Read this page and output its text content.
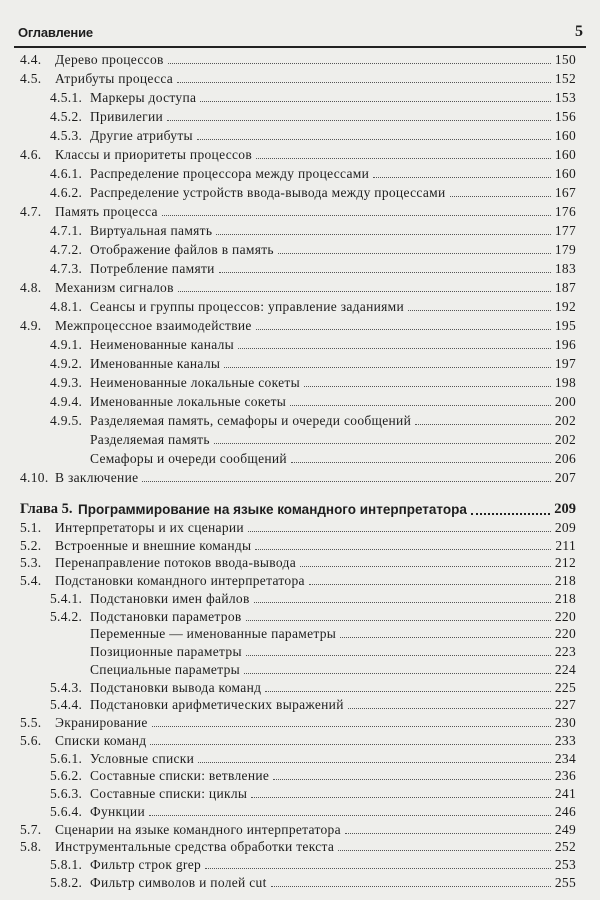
Оглавление	5
4.4. Дерево процессов	150
4.5. Атрибуты процесса	152
4.5.1. Маркеры доступа	153
4.5.2. Привилегии	156
4.5.3. Другие атрибуты	160
4.6. Классы и приоритеты процессов	160
4.6.1. Распределение процессора между процессами	160
4.6.2. Распределение устройств ввода-вывода между процессами	167
4.7. Память процесса	176
4.7.1. Виртуальная память	177
4.7.2. Отображение файлов в память	179
4.7.3. Потребление памяти	183
4.8. Механизм сигналов	187
4.8.1. Сеансы и группы процессов: управление заданиями	192
4.9. Межпроцессное взаимодействие	195
4.9.1. Неименованные каналы	196
4.9.2. Именованные каналы	197
4.9.3. Неименованные локальные сокеты	198
4.9.4. Именованные локальные сокеты	200
4.9.5. Разделяемая память, семафоры и очереди сообщений	202
Разделяемая память	202
Семафоры и очереди сообщений	206
4.10. В заключение	207
Глава 5. Программирование на языке командного интерпретатора	209
5.1. Интерпретаторы и их сценарии	209
5.2. Встроенные и внешние команды	211
5.3. Перенаправление потоков ввода-вывода	212
5.4. Подстановки командного интерпретатора	218
5.4.1. Подстановки имен файлов	218
5.4.2. Подстановки параметров	220
Переменные — именованные параметры	220
Позиционные параметры	223
Специальные параметры	224
5.4.3. Подстановки вывода команд	225
5.4.4. Подстановки арифметических выражений	227
5.5. Экранирование	230
5.6. Списки команд	233
5.6.1. Условные списки	234
5.6.2. Составные списки: ветвление	236
5.6.3. Составные списки: циклы	241
5.6.4. Функции	246
5.7. Сценарии на языке командного интерпретатора	249
5.8. Инструментальные средства обработки текста	252
5.8.1. Фильтр строк grep	253
5.8.2. Фильтр символов и полей cut	255
